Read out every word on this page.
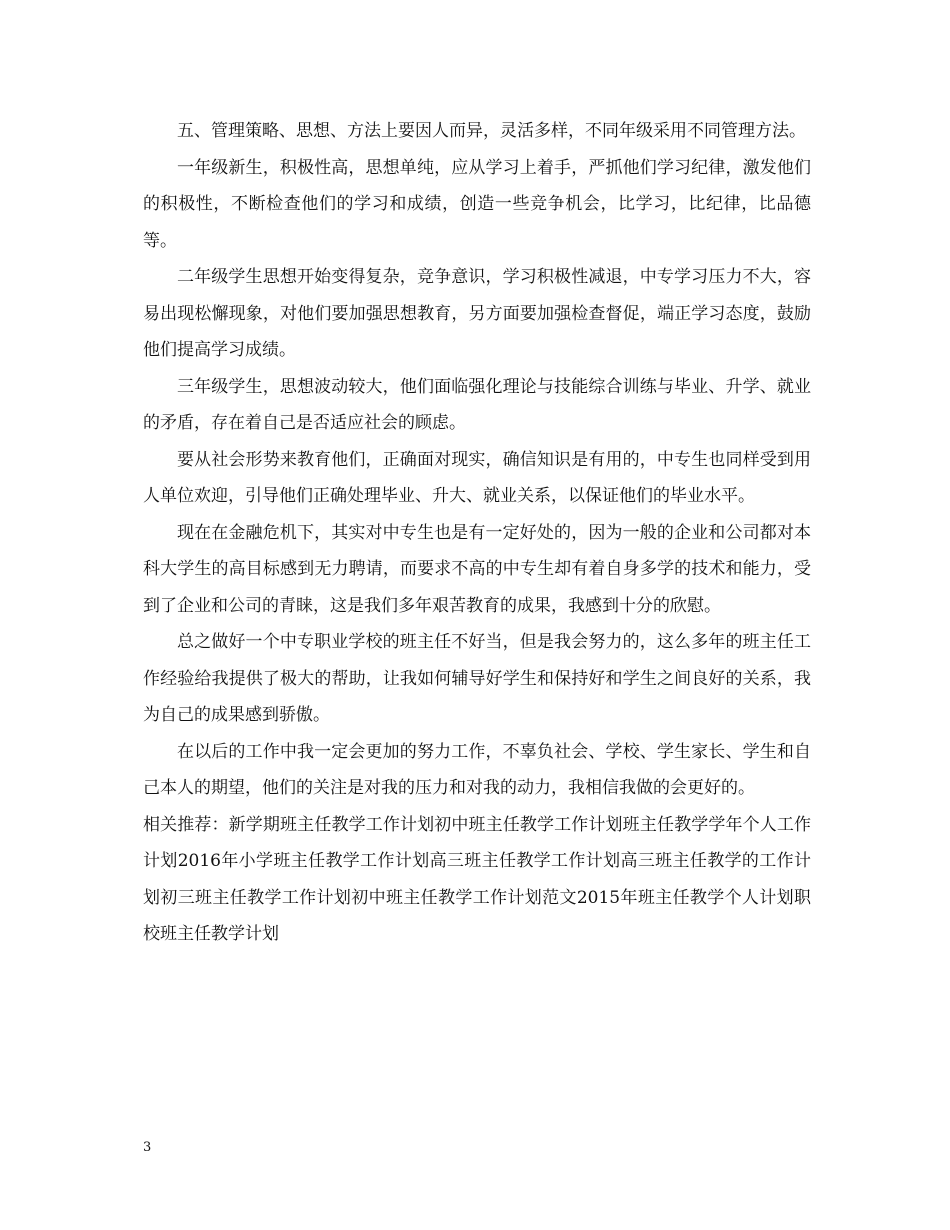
五、管理策略、思想、方法上要因人而异，灵活多样，不同年级采用不同管理方法。

一年级新生，积极性高，思想单纯，应从学习上着手，严抓他们学习纪律，激发他们的积极性，不断检查他们的学习和成绩，创造一些竞争机会，比学习，比纪律，比品德等。

二年级学生思想开始变得复杂，竞争意识，学习积极性减退，中专学习压力不大，容易出现松懈现象，对他们要加强思想教育，另方面要加强检查督促，端正学习态度，鼓励他们提高学习成绩。

三年级学生，思想波动较大，他们面临强化理论与技能综合训练与毕业、升学、就业的矛盾，存在着自己是否适应社会的顾虑。

要从社会形势来教育他们，正确面对现实，确信知识是有用的，中专生也同样受到用人单位欢迎，引导他们正确处理毕业、升大、就业关系，以保证他们的毕业水平。

现在在金融危机下，其实对中专生也是有一定好处的，因为一般的企业和公司都对本科大学生的高目标感到无力聘请，而要求不高的中专生却有着自身多学的技术和能力，受到了企业和公司的青睐，这是我们多年艰苦教育的成果，我感到十分的欣慰。

总之做好一个中专职业学校的班主任不好当，但是我会努力的，这么多年的班主任工作经验给我提供了极大的帮助，让我如何辅导好学生和保持好和学生之间良好的关系，我为自己的成果感到骄傲。

在以后的工作中我一定会更加的努力工作，不辜负社会、学校、学生家长、学生和自己本人的期望，他们的关注是对我的压力和对我的动力，我相信我做的会更好的。

相关推荐：新学期班主任教学工作计划初中班主任教学工作计划班主任教学学年个人工作计划2016年小学班主任教学工作计划高三班主任教学工作计划高三班主任教学的工作计划初三班主任教学工作计划初中班主任教学工作计划范文2015年班主任教学个人计划职校班主任教学计划

3
